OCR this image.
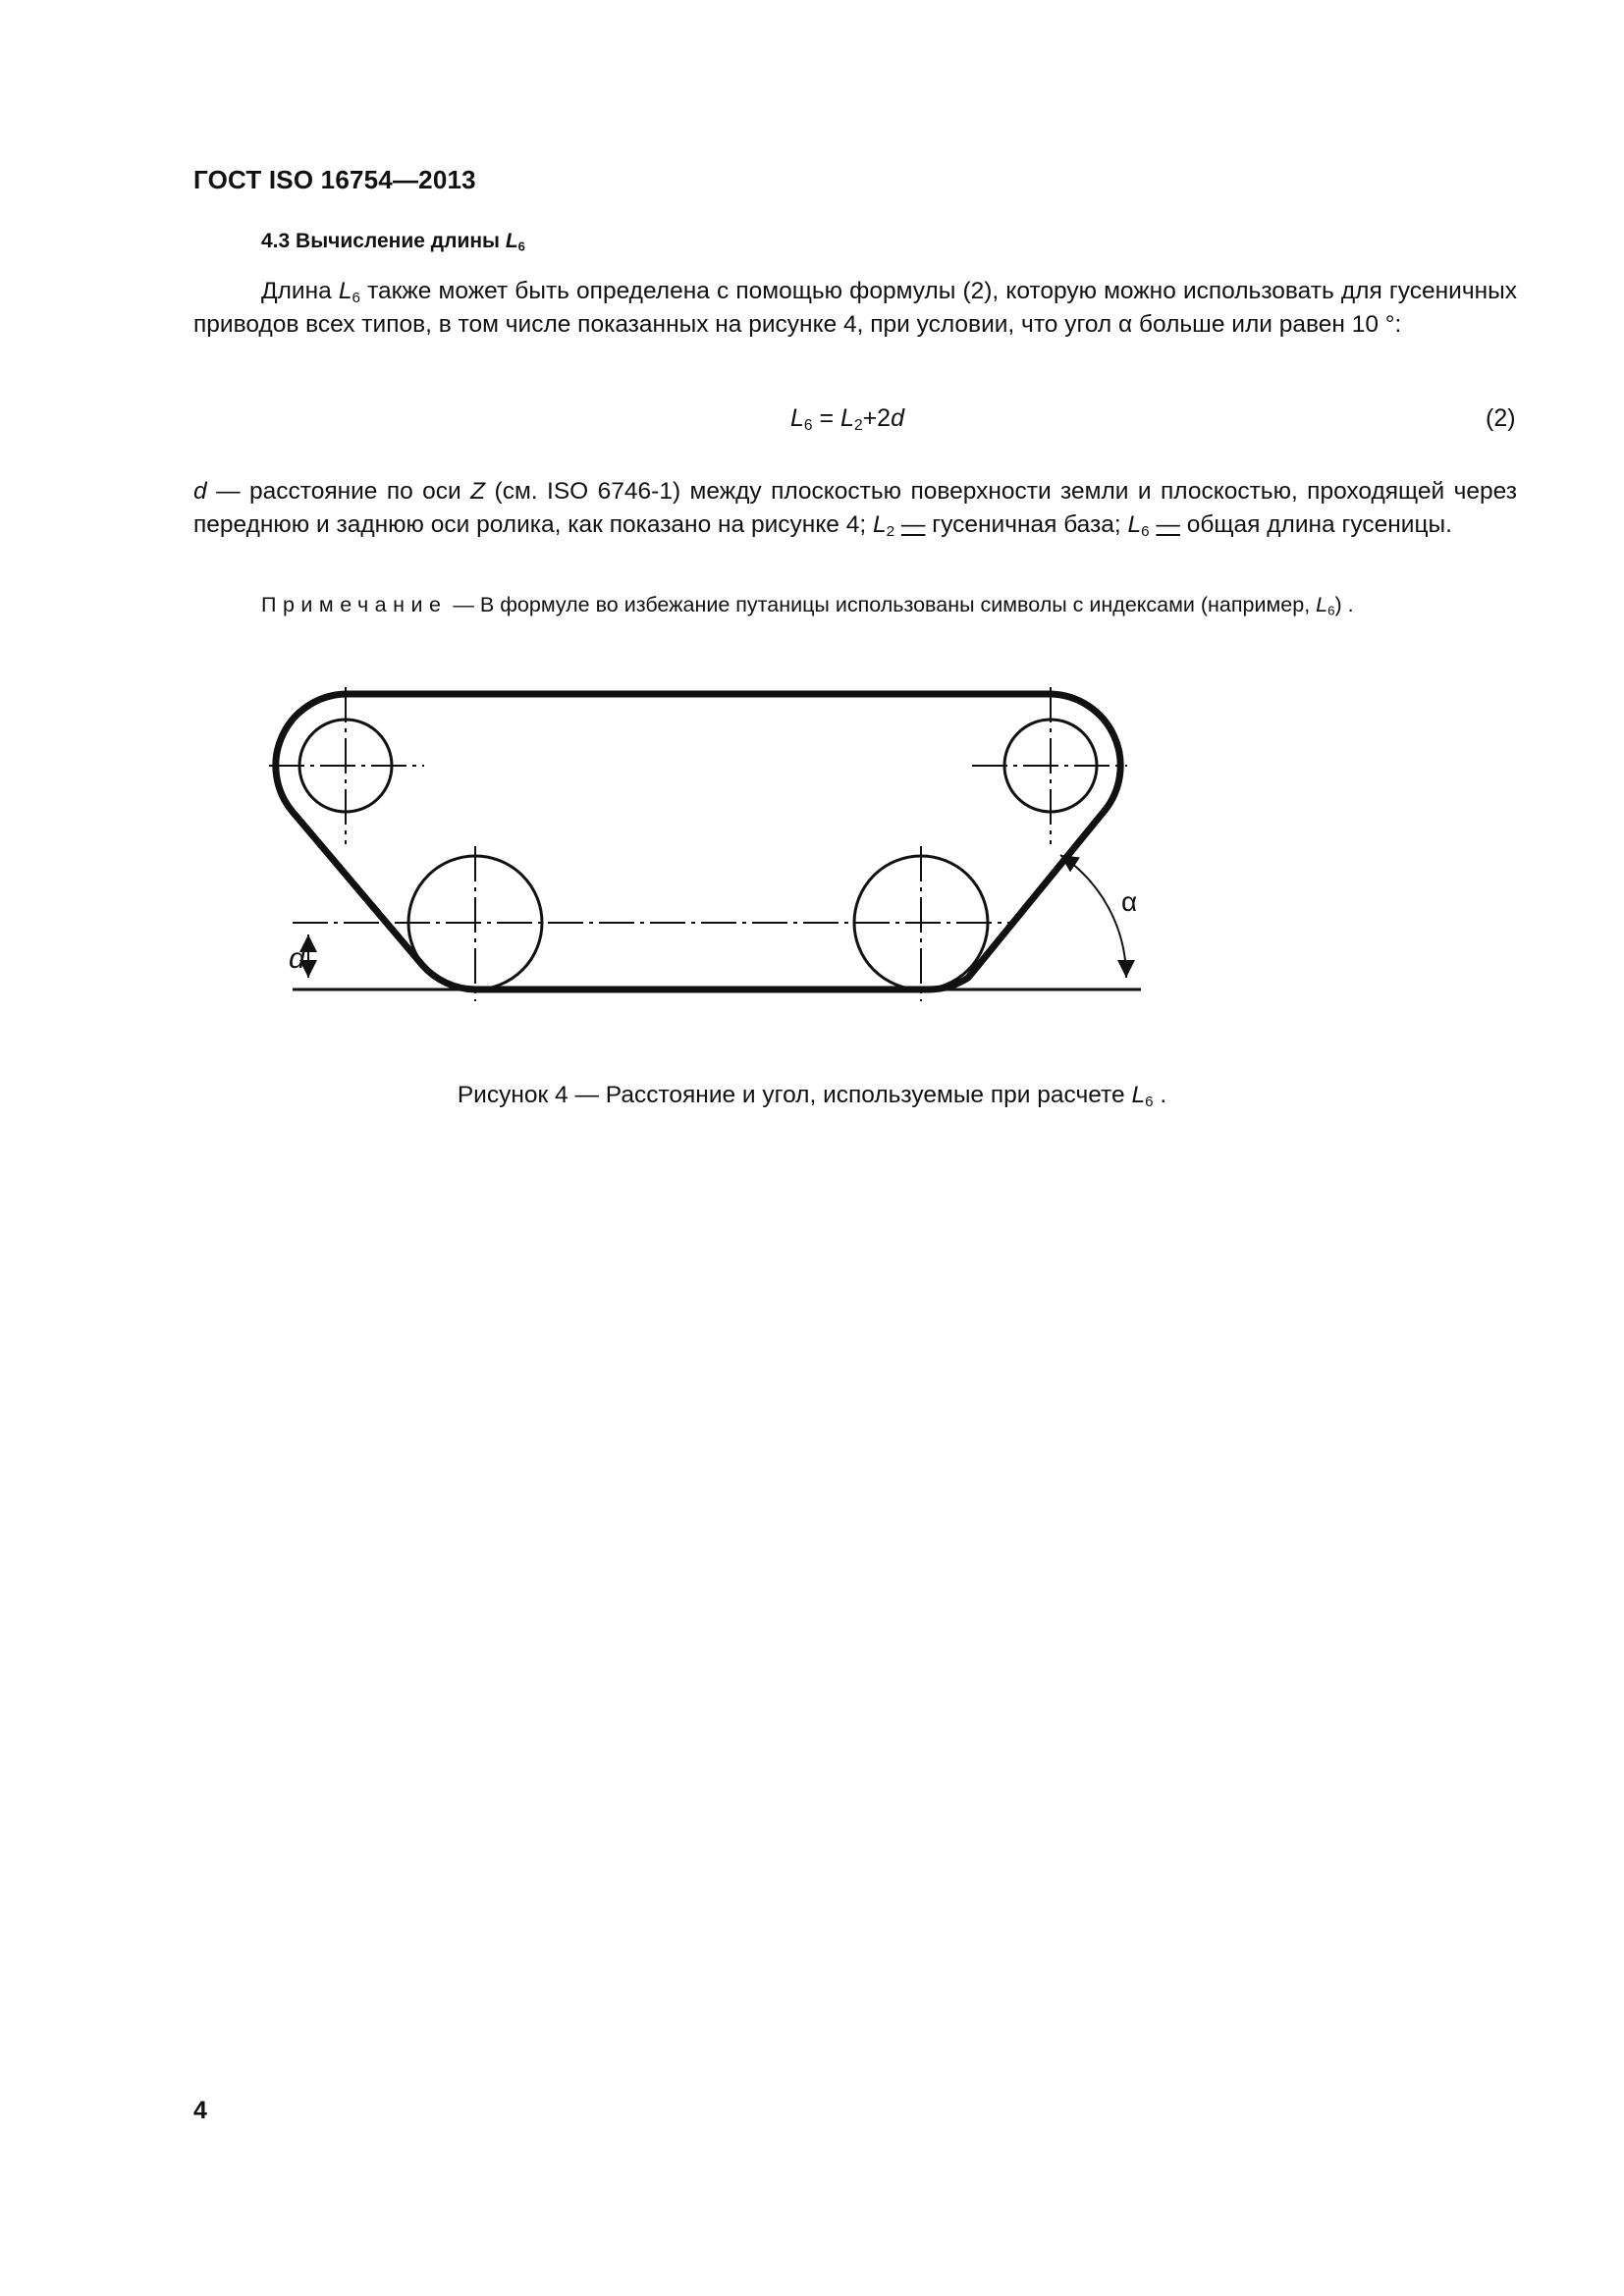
ГОСТ ISO 16754—2013
4.3 Вычисление длины $L_6$
Длина $L_6$ также может быть определена с помощью формулы (2), которую можно использовать для гусеничных приводов всех типов, в том числе показанных на рисунке 4, при условии, что угол α больше или равен 10 °:
$L_6 = L_2+2d$	(2)
d — расстояние по оси Z (см. ISO 6746-1) между плоскостью поверхности земли и плоскостью, проходящей через переднюю и заднюю оси ролика, как показано на рисунке 4; $L_2$ — гусеничная база; $L_6$ — общая длина гусеницы.
Примечание — В формуле во избежание путаницы использованы символы с индексами (например, $L_6$) .
d
α
Рисунок 4 — Расстояние и угол, используемые при расчете $L_6$ .
4
